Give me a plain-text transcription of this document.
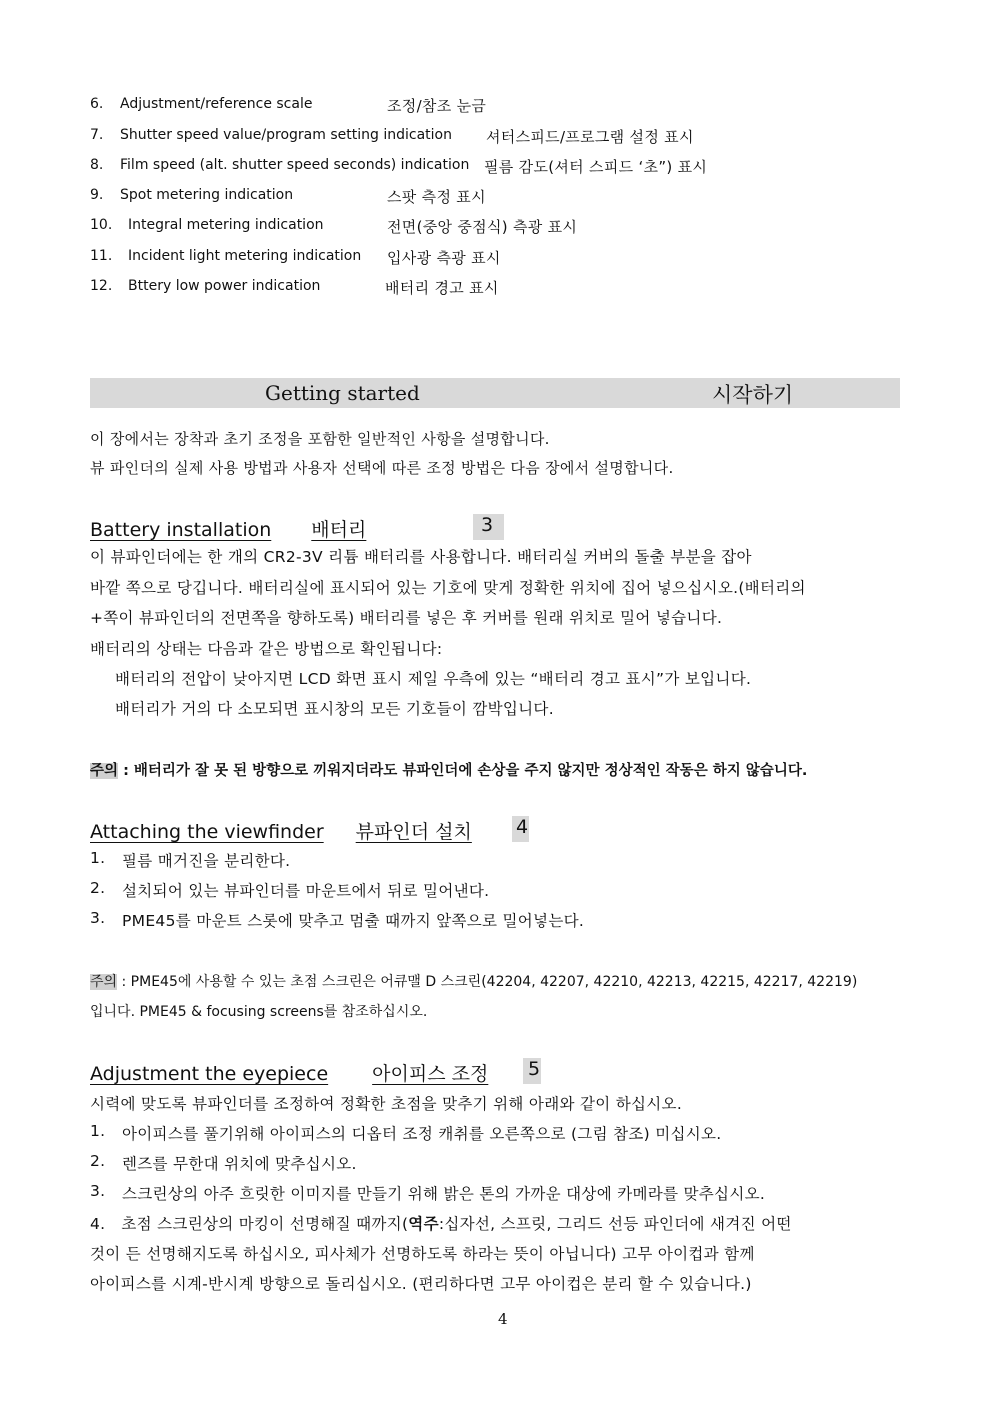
6. Adjustment/reference scale	조정/참조 눈금
7. Shutter speed value/program setting indication 셔터스피드/프로그램 설정 표시
8. Film speed (alt. shutter speed seconds) indication 필름 감도(셔터 스피드 ‘초”) 표시
9. Spot metering indication	스팟 측정 표시
10. Integral metering indication	전면(중앙 중점식) 측광 표시
11. Incident light metering indication 입사광 측광 표시
12. Bttery low power indication	배터리 경고 표시
Getting started	시작하기
이 장에서는 장착과 초기 조정을 포함한 일반적인 사항을 설명합니다.
뷰 파인더의 실제 사용 방법과 사용자 선택에 따른 조정 방법은 다음 장에서 설명합니다.
Battery installation 배터리	3
이 뷰파인더에는 한 개의 CR2-3V 리튬 배터리를 사용합니다. 배터리실 커버의 돌출 부분을 잡아
바깥 쪽으로 당깁니다. 배터리실에 표시되어 있는 기호에 맞게 정확한 위치에 집어 넣으십시오.(배터리의
+쪽이 뷰파인더의 전면쪽을 향하도록) 배터리를 넣은 후 커버를 원래 위치로 밀어 넣습니다.
배터리의 상태는 다음과 같은 방법으로 확인됩니다:
배터리의 전압이 낮아지면 LCD 화면 표시 제일 우측에 있는 “배터리 경고 표시”가 보입니다.
배터리가 거의 다 소모되면 표시창의 모든 기호들이 깜박입니다.
주의 : 배터리가 잘 못 된 방향으로 끼워지더라도 뷰파인더에 손상을 주지 않지만 정상적인 작동은 하지 않습니다.
Attaching the viewfinder 뷰파인더 설치	4
1. 필름 매거진을 분리한다.
2. 설치되어 있는 뷰파인더를 마운트에서 뒤로 밀어낸다.
3. PME45를 마운트 스롯에 맞추고 멈출 때까지 앞쪽으로 밀어넣는다.
주의 : PME45에 사용할 수 있는 초점 스크린은 어큐맬 D 스크린(42204, 42207, 42210, 42213, 42215, 42217, 42219)
입니다. PME45 & focusing screens를 참조하십시오.
Adjustment the eyepiece 아이피스 조정	5
시력에 맞도록 뷰파인더를 조정하여 정확한 초점을 맞추기 위해 아래와 같이 하십시오.
1. 아이피스를 풀기위해 아이피스의 디옵터 조정 캐취를 오른쪽으로 (그림 참조) 미십시오.
2. 렌즈를 무한대 위치에 맞추십시오.
3. 스크린상의 아주 흐릿한 이미지를 만들기 위해 밝은 톤의 가까운 대상에 카메라를 맞추십시오.
4. 초점 스크린상의 마킹이 선명해질 때까지(역주:십자선, 스프릿, 그리드 선등 파인더에 새겨진 어떤
것이 든 선명해지도록 하십시오, 피사체가 선명하도록 하라는 뜻이 아닙니다) 고무 아이컵과 함께
아이피스를 시계-반시계 방향으로 돌리십시오. (편리하다면 고무 아이컵은 분리 할 수 있습니다.)
4
